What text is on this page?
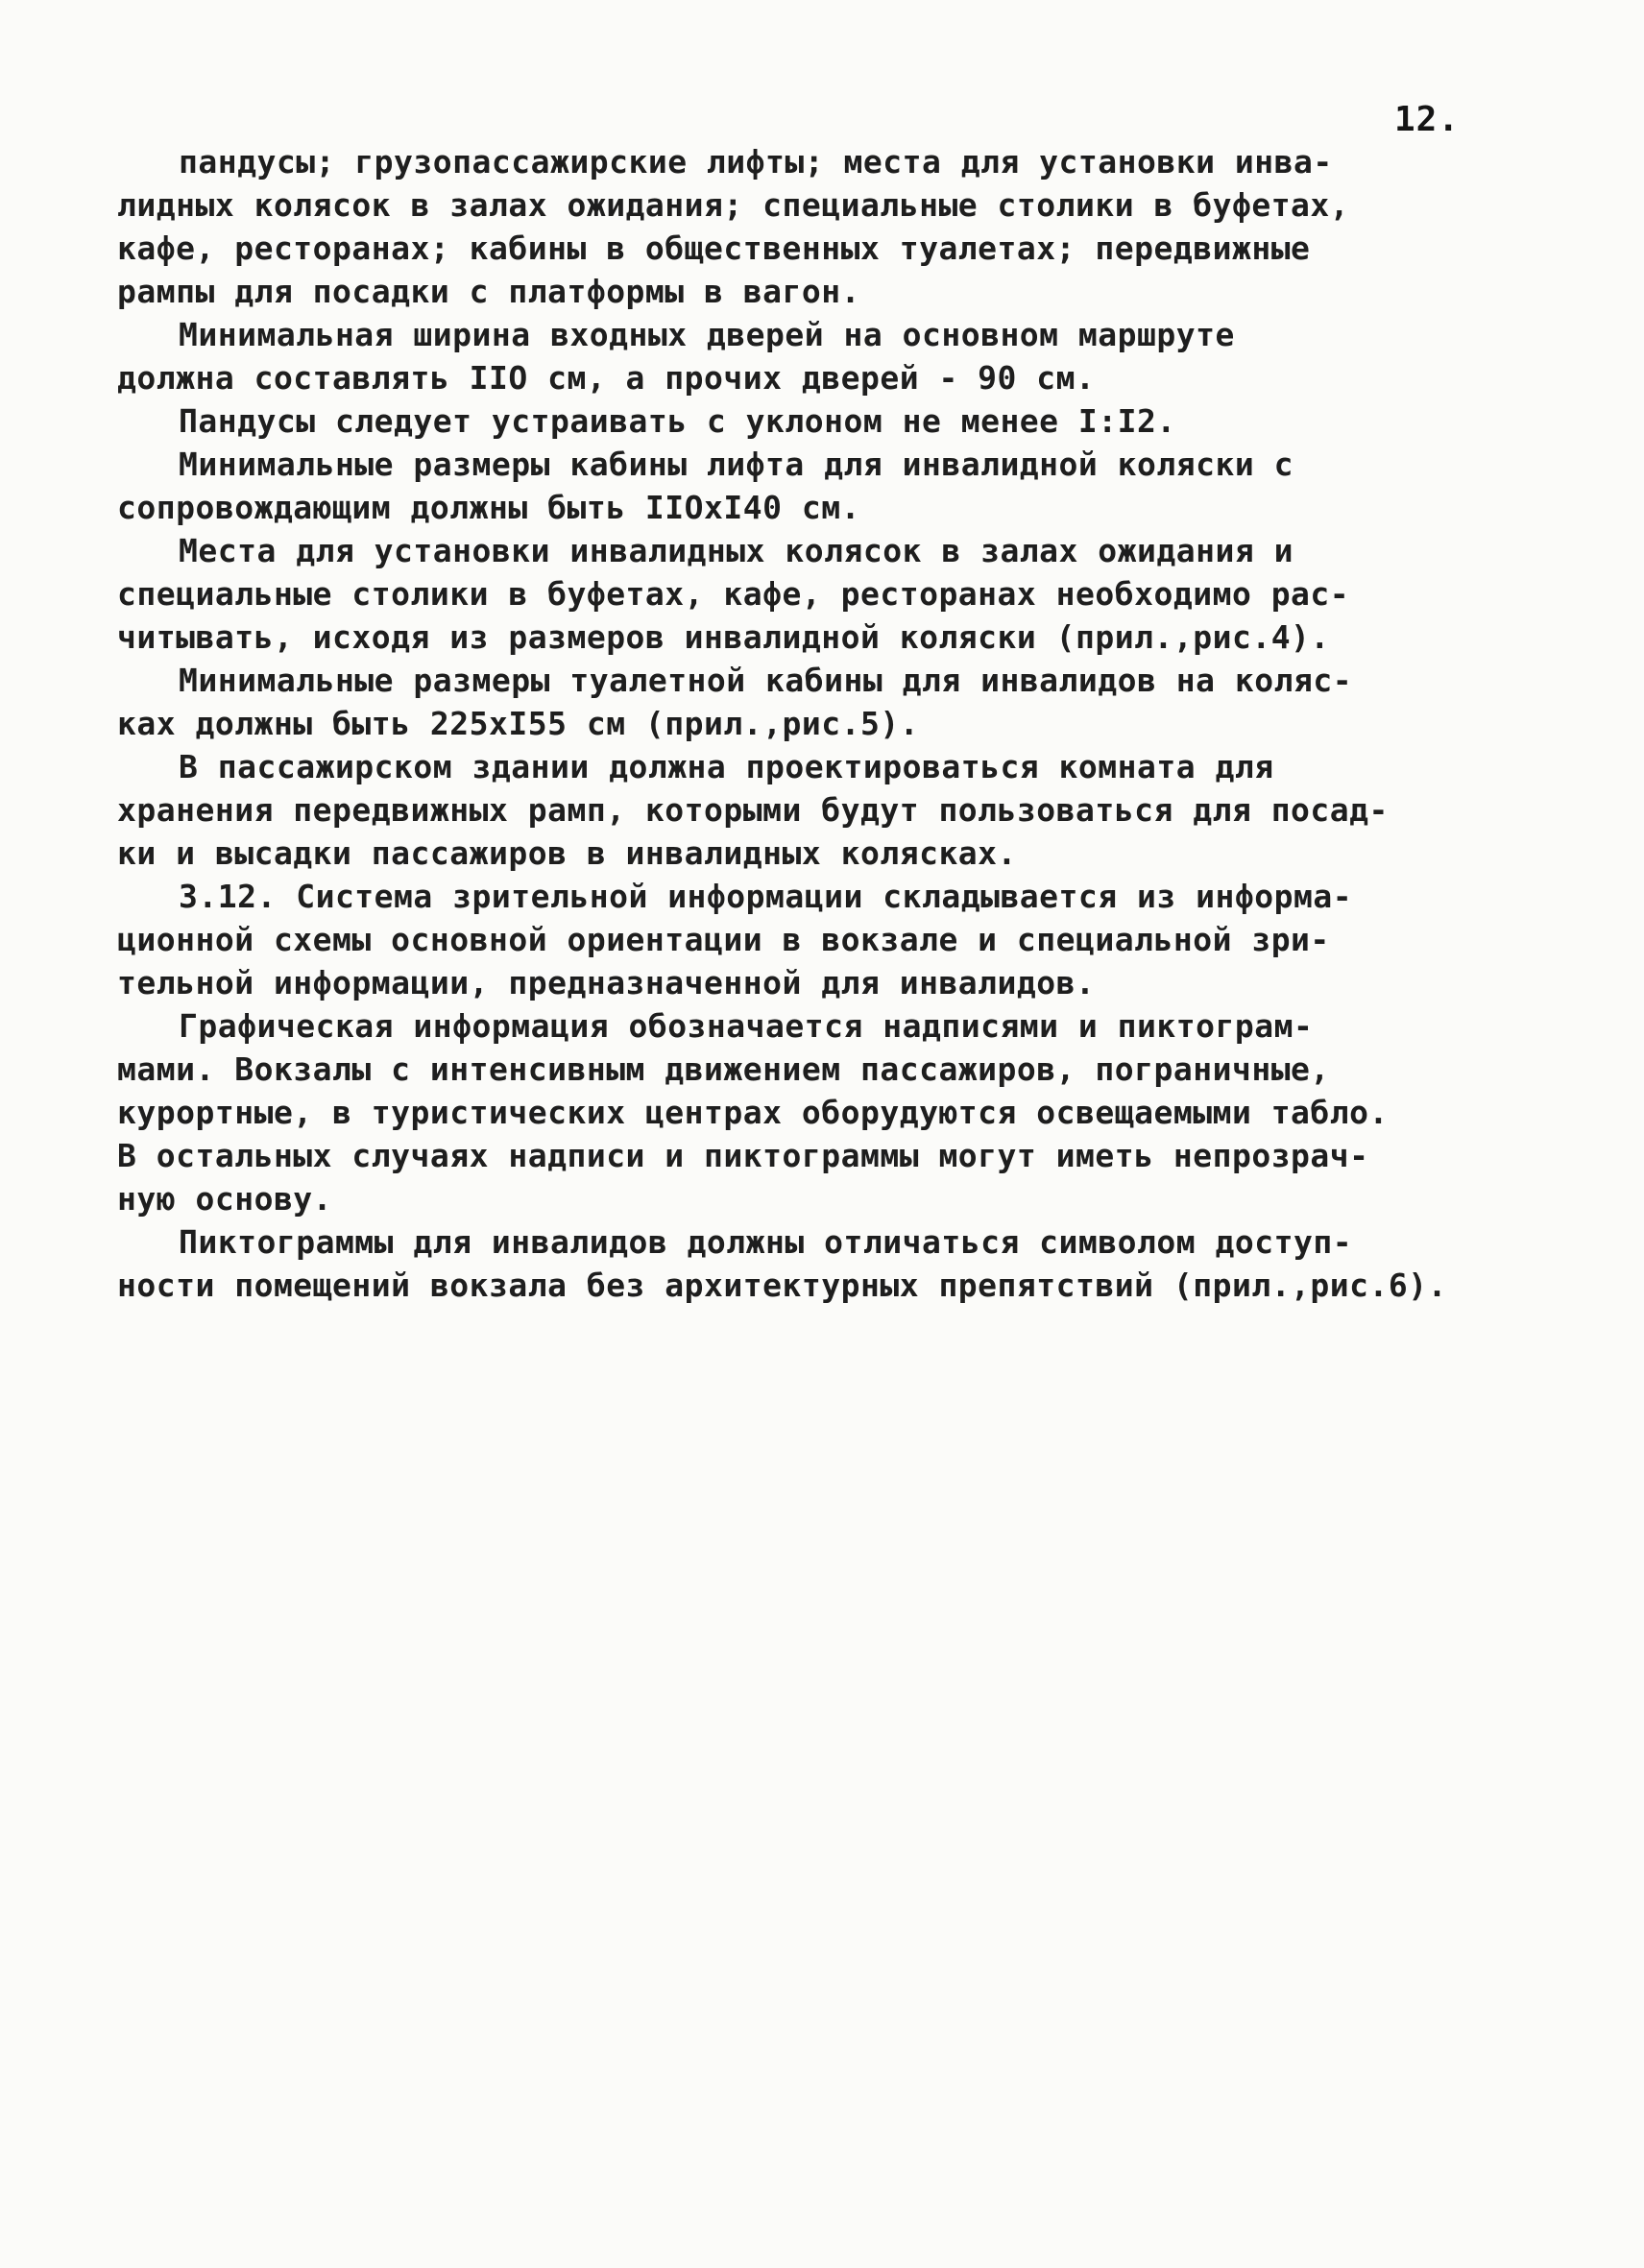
12.
пандусы; грузопассажирские лифты; места для установки инва-
лидных колясок в залах ожидания; специальные столики в буфетах,
кафе, ресторанах; кабины в общественных туалетах; передвижные
рампы для посадки с платформы в вагон.
Минимальная ширина входных дверей на основном маршруте
должна составлять IIO см, а прочих дверей - 90 см.
Пандусы следует устраивать с уклоном не менее I:I2.
Минимальные размеры кабины лифта для инвалидной коляски с
сопровождающим должны быть IIOхI40 см.
Места для установки инвалидных колясок в залах ожидания и
специальные столики в буфетах, кафе, ресторанах необходимо рас-
читывать, исходя из размеров инвалидной коляски (прил.,рис.4).
Минимальные размеры туалетной кабины для инвалидов на коляс-
ках должны быть 225хI55 см (прил.,рис.5).
В пассажирском здании должна проектироваться комната для
хранения передвижных рамп, которыми будут пользоваться для посад-
ки и высадки пассажиров в инвалидных колясках.
3.12. Система зрительной информации складывается из информа-
ционной схемы основной ориентации в вокзале и специальной зри-
тельной информации, предназначенной для инвалидов.
Графическая информация обозначается надписями и пиктограм-
мами. Вокзалы с интенсивным движением пассажиров, пограничные,
курортные, в туристических центрах оборудуются освещаемыми табло.
В остальных случаях надписи и пиктограммы могут иметь непрозрач-
ную основу.
Пиктограммы для инвалидов должны отличаться символом доступ-
ности помещений вокзала без архитектурных препятствий (прил.,рис.6).
